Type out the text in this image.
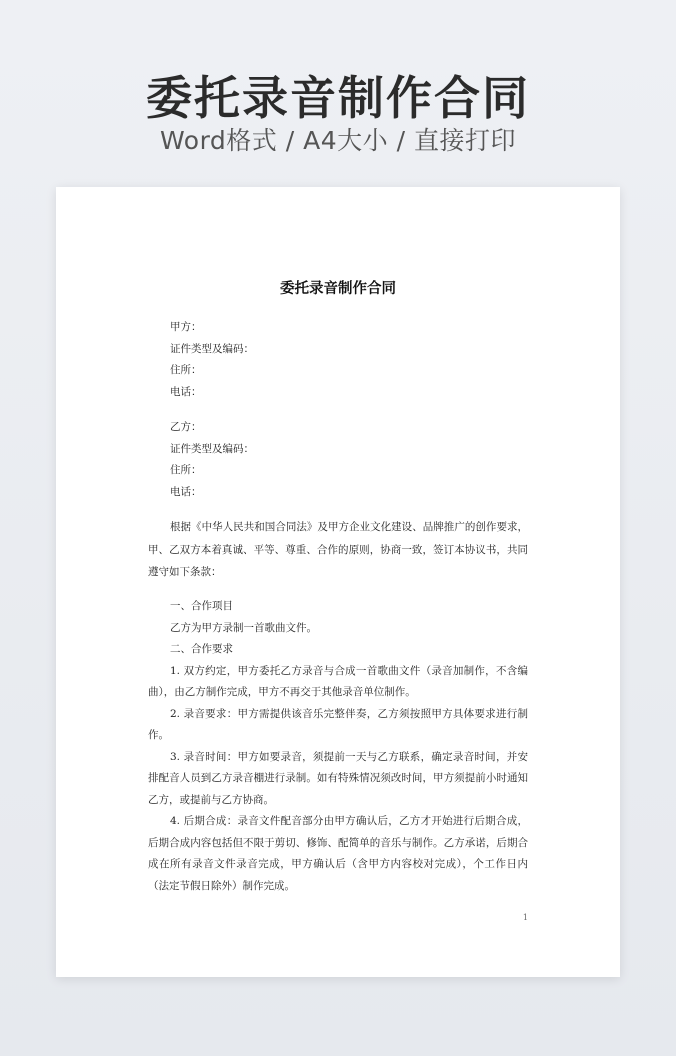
委托录音制作合同

Word格式 / A4大小 / 直接打印

委托录音制作合同
甲方：
证件类型及编码：
住所：
电话：
乙方：
证件类型及编码：
住所：
电话：

根据《中华人民共和国合同法》及甲方企业文化建设、品牌推广的创作要求，甲、乙双方本着真诚、平等、尊重、合作的原则，协商一致，签订本协议书，共同遵守如下条款：

一、合作项目
乙方为甲方录制一首歌曲文件。
二、合作要求

1. 双方约定，甲方委托乙方录音与合成一首歌曲文件（录音加制作，不含编曲），由乙方制作完成，甲方不再交于其他录音单位制作。

2. 录音要求：甲方需提供该音乐完整伴奏，乙方须按照甲方具体要求进行制作。

3. 录音时间：甲方如要录音，须提前一天与乙方联系，确定录音时间，并安排配音人员到乙方录音棚进行录制。如有特殊情况须改时间，甲方须提前小时通知乙方，或提前与乙方协商。

4. 后期合成：录音文件配音部分由甲方确认后，乙方才开始进行后期合成，后期合成内容包括但不限于剪切、修饰、配简单的音乐与制作。乙方承诺，后期合成在所有录音文件录音完成，甲方确认后（含甲方内容校对完成），个工作日内（法定节假日除外）制作完成。

1
